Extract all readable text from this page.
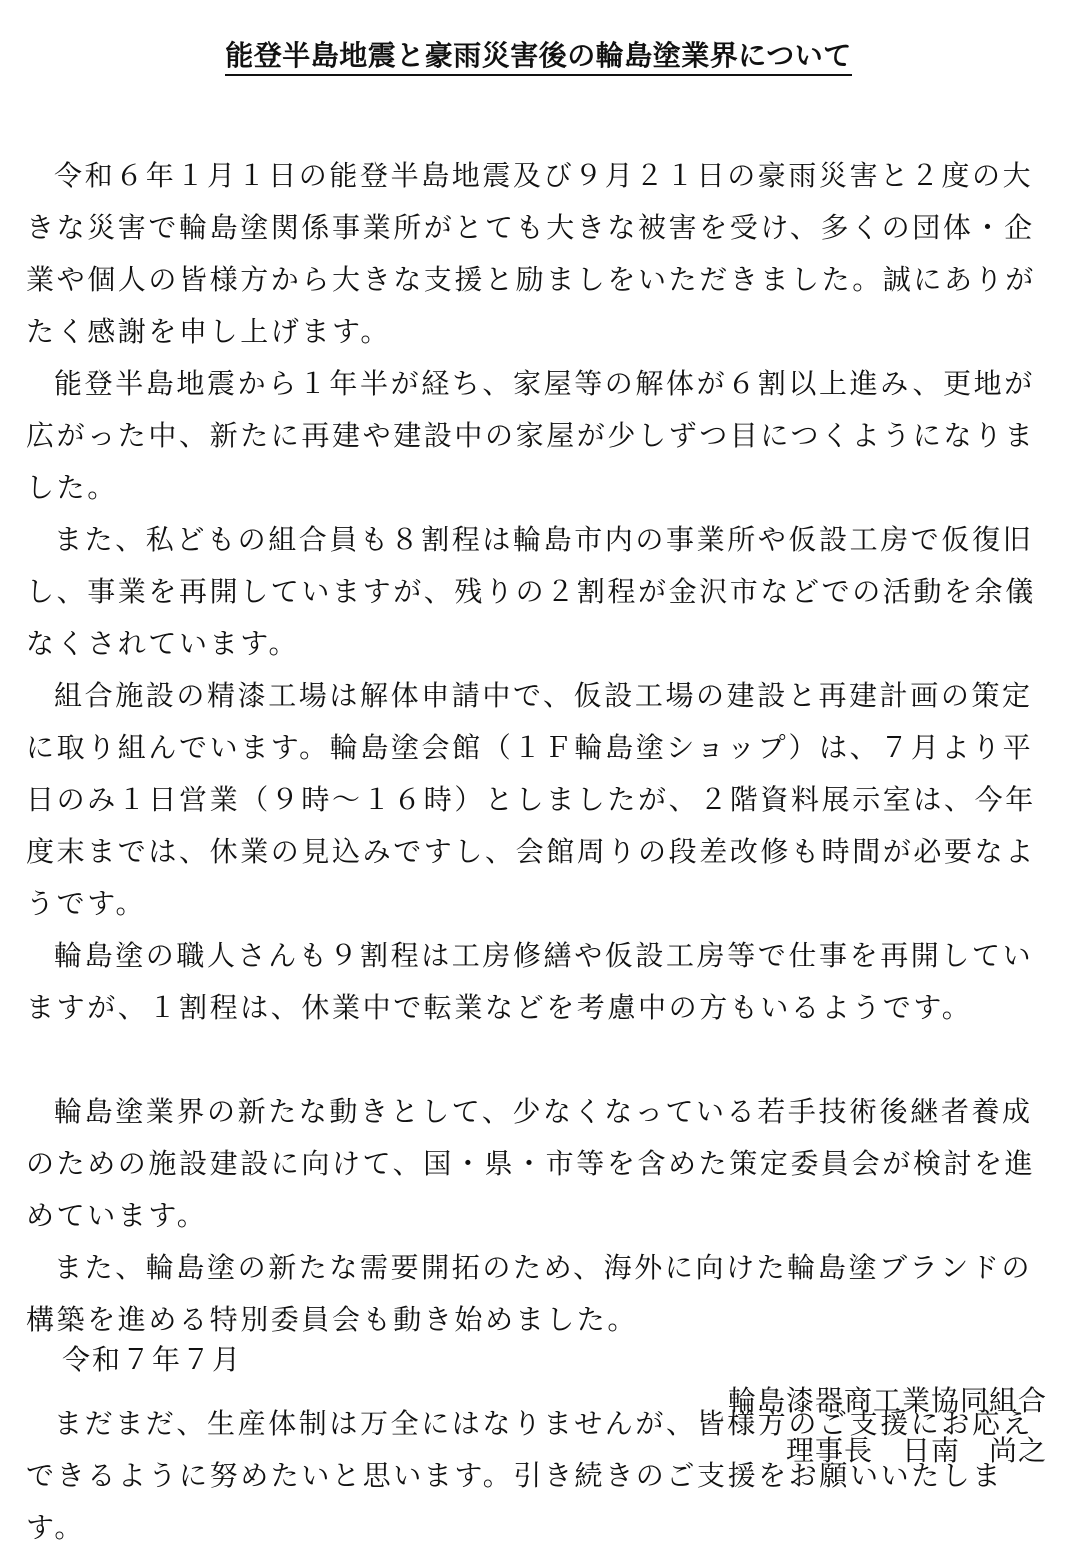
能登半島地震と豪雨災害後の輪島塗業界について

令和６年１月１日の能登半島地震及び９月２１日の豪雨災害と２度の大きな災害で輪島塗関係事業所がとても大きな被害を受け、多くの団体・企業や個人の皆様方から大きな支援と励ましをいただきました。誠にありがたく感謝を申し上げます。

能登半島地震から１年半が経ち、家屋等の解体が６割以上進み、更地が広がった中、新たに再建や建設中の家屋が少しずつ目につくようになりました。

また、私どもの組合員も８割程は輪島市内の事業所や仮設工房で仮復旧し、事業を再開していますが、残りの２割程が金沢市などでの活動を余儀なくされています。

組合施設の精漆工場は解体申請中で、仮設工場の建設と再建計画の策定に取り組んでいます。輪島塗会館（１Ｆ輪島塗ショップ）は、７月より平日のみ１日営業（９時～１６時）としましたが、２階資料展示室は、今年度末までは、休業の見込みですし、会館周りの段差改修も時間が必要なようです。

輪島塗の職人さんも９割程は工房修繕や仮設工房等で仕事を再開していますが、１割程は、休業中で転業などを考慮中の方もいるようです。

輪島塗業界の新たな動きとして、少なくなっている若手技術後継者養成のための施設建設に向けて、国・県・市等を含めた策定委員会が検討を進めています。

また、輪島塗の新たな需要開拓のため、海外に向けた輪島塗ブランドの構築を進める特別委員会も動き始めました。

まだまだ、生産体制は万全にはなりませんが、皆様方のご支援にお応えできるように努めたいと思います。引き続きのご支援をお願いいたします。

令和７年７月
輪島漆器商工業協同組合
理事長　日南　尚之
